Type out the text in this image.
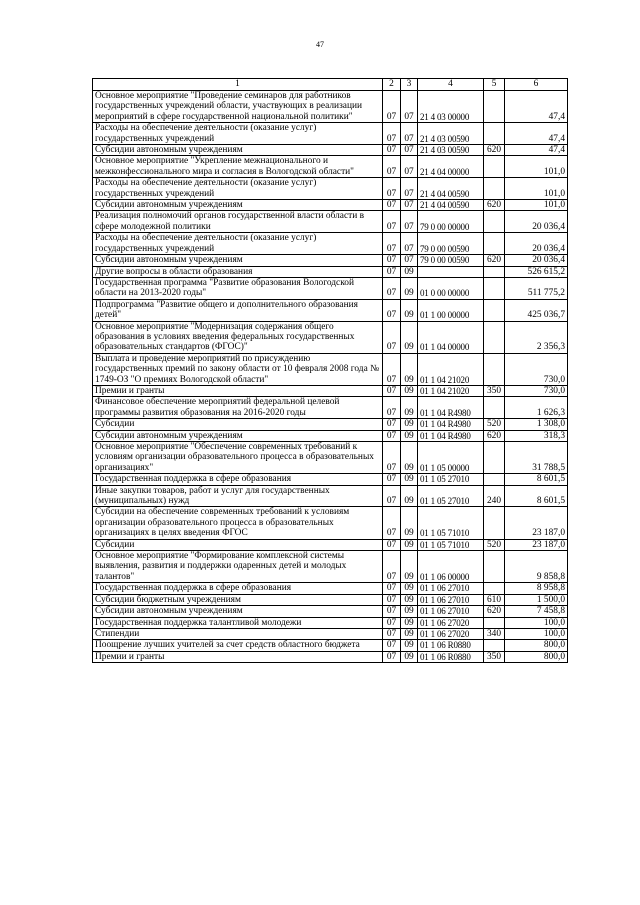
47
1	2	3	4	5	6
Основное мероприятие "Проведение семинаров для работников государственных учреждений области, участвующих в реализации мероприятий в сфере государственной национальной политики"	07	07	21 4 03 00000		47,4
Расходы на обеспечение деятельности (оказание услуг) государственных учреждений	07	07	21 4 03 00590		47,4
Субсидии автономным учреждениям	07	07	21 4 03 00590	620	47,4
Основное мероприятие "Укрепление межнационального и межконфессионального мира и согласия в Вологодской области"	07	07	21 4 04 00000		101,0
Расходы на обеспечение деятельности (оказание услуг) государственных учреждений	07	07	21 4 04 00590		101,0
Субсидии автономным учреждениям	07	07	21 4 04 00590	620	101,0
Реализация полномочий органов государственной власти области в сфере молодежной политики	07	07	79 0 00 00000		20 036,4
Расходы на обеспечение деятельности (оказание услуг) государственных учреждений	07	07	79 0 00 00590		20 036,4
Субсидии автономным учреждениям	07	07	79 0 00 00590	620	20 036,4
Другие вопросы в области образования	07	09			526 615,2
Государственная программа "Развитие образования Вологодской области на 2013-2020 годы"	07	09	01 0 00 00000		511 775,2
Подпрограмма "Развитие общего и дополнительного образования детей"	07	09	01 1 00 00000		425 036,7
Основное мероприятие "Модернизация содержания общего образования в условиях введения федеральных государственных образовательных стандартов (ФГОС)"	07	09	01 1 04 00000		2 356,3
Выплата и проведение мероприятий по присуждению государственных премий по закону области от 10 февраля 2008 года № 1749-ОЗ "О премиях Вологодской области"	07	09	01 1 04 21020		730,0
Премии и гранты	07	09	01 1 04 21020	350	730,0
Финансовое обеспечение мероприятий федеральной целевой программы развития образования на 2016-2020 годы	07	09	01 1 04 R4980		1 626,3
Субсидии	07	09	01 1 04 R4980	520	1 308,0
Субсидии автономным учреждениям	07	09	01 1 04 R4980	620	318,3
Основное мероприятие "Обеспечение современных требований к условиям организации образовательного процесса в образовательных организациях"	07	09	01 1 05 00000		31 788,5
Государственная поддержка в сфере образования	07	09	01 1 05 27010		8 601,5
Иные закупки товаров, работ и услуг для государственных (муниципальных) нужд	07	09	01 1 05 27010	240	8 601,5
Субсидии на обеспечение современных требований к условиям организации образовательного процесса в образовательных организациях в целях введения ФГОС	07	09	01 1 05 71010		23 187,0
Субсидии	07	09	01 1 05 71010	520	23 187,0
Основное мероприятие "Формирование комплексной системы выявления, развития и поддержки одаренных детей и молодых талантов"	07	09	01 1 06 00000		9 858,8
Государственная поддержка в сфере образования	07	09	01 1 06 27010		8 958,8
Субсидии бюджетным учреждениям	07	09	01 1 06 27010	610	1 500,0
Субсидии автономным учреждениям	07	09	01 1 06 27010	620	7 458,8
Государственная поддержка талантливой молодежи	07	09	01 1 06 27020		100,0
Стипендии	07	09	01 1 06 27020	340	100,0
Поощрение лучших учителей за счет средств областного бюджета	07	09	01 1 06 R0880		800,0
Премии и гранты	07	09	01 1 06 R0880	350	800,0
